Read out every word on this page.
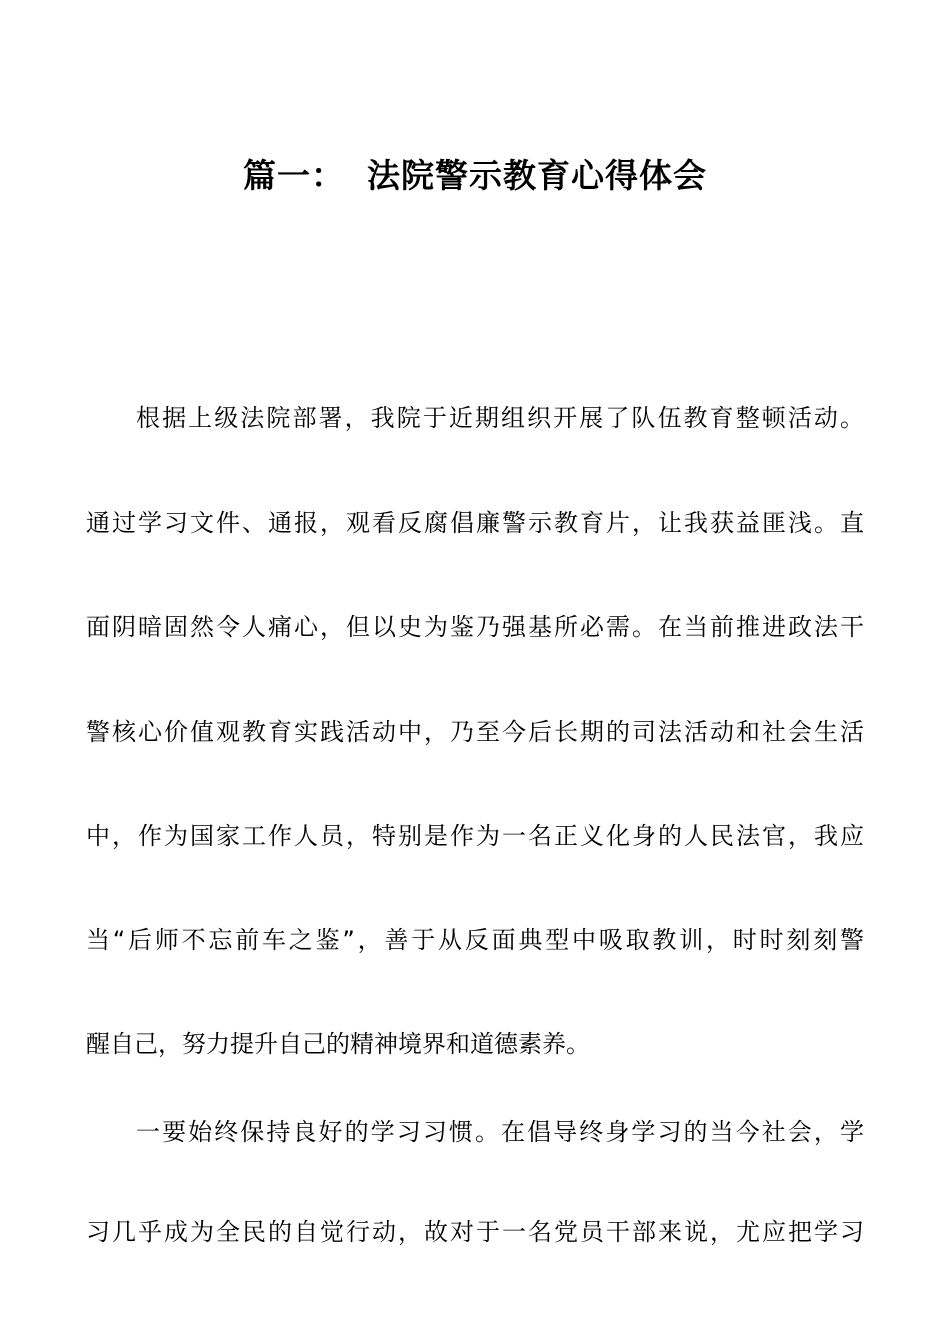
篇一： 法院警示教育心得体会
根据上级法院部署，我院于近期组织开展了队伍教育整顿活动。
通过学习文件、通报，观看反腐倡廉警示教育片，让我获益匪浅。直
面阴暗固然令人痛心，但以史为鉴乃强基所必需。在当前推进政法干
警核心价值观教育实践活动中，乃至今后长期的司法活动和社会生活
中，作为国家工作人员，特别是作为一名正义化身的人民法官，我应
当“后师不忘前车之鉴”，善于从反面典型中吸取教训，时时刻刻警
醒自己，努力提升自己的精神境界和道德素养。
一要始终保持良好的学习习惯。在倡导终身学习的当今社会，学
习几乎成为全民的自觉行动，故对于一名党员干部来说，尤应把学习
